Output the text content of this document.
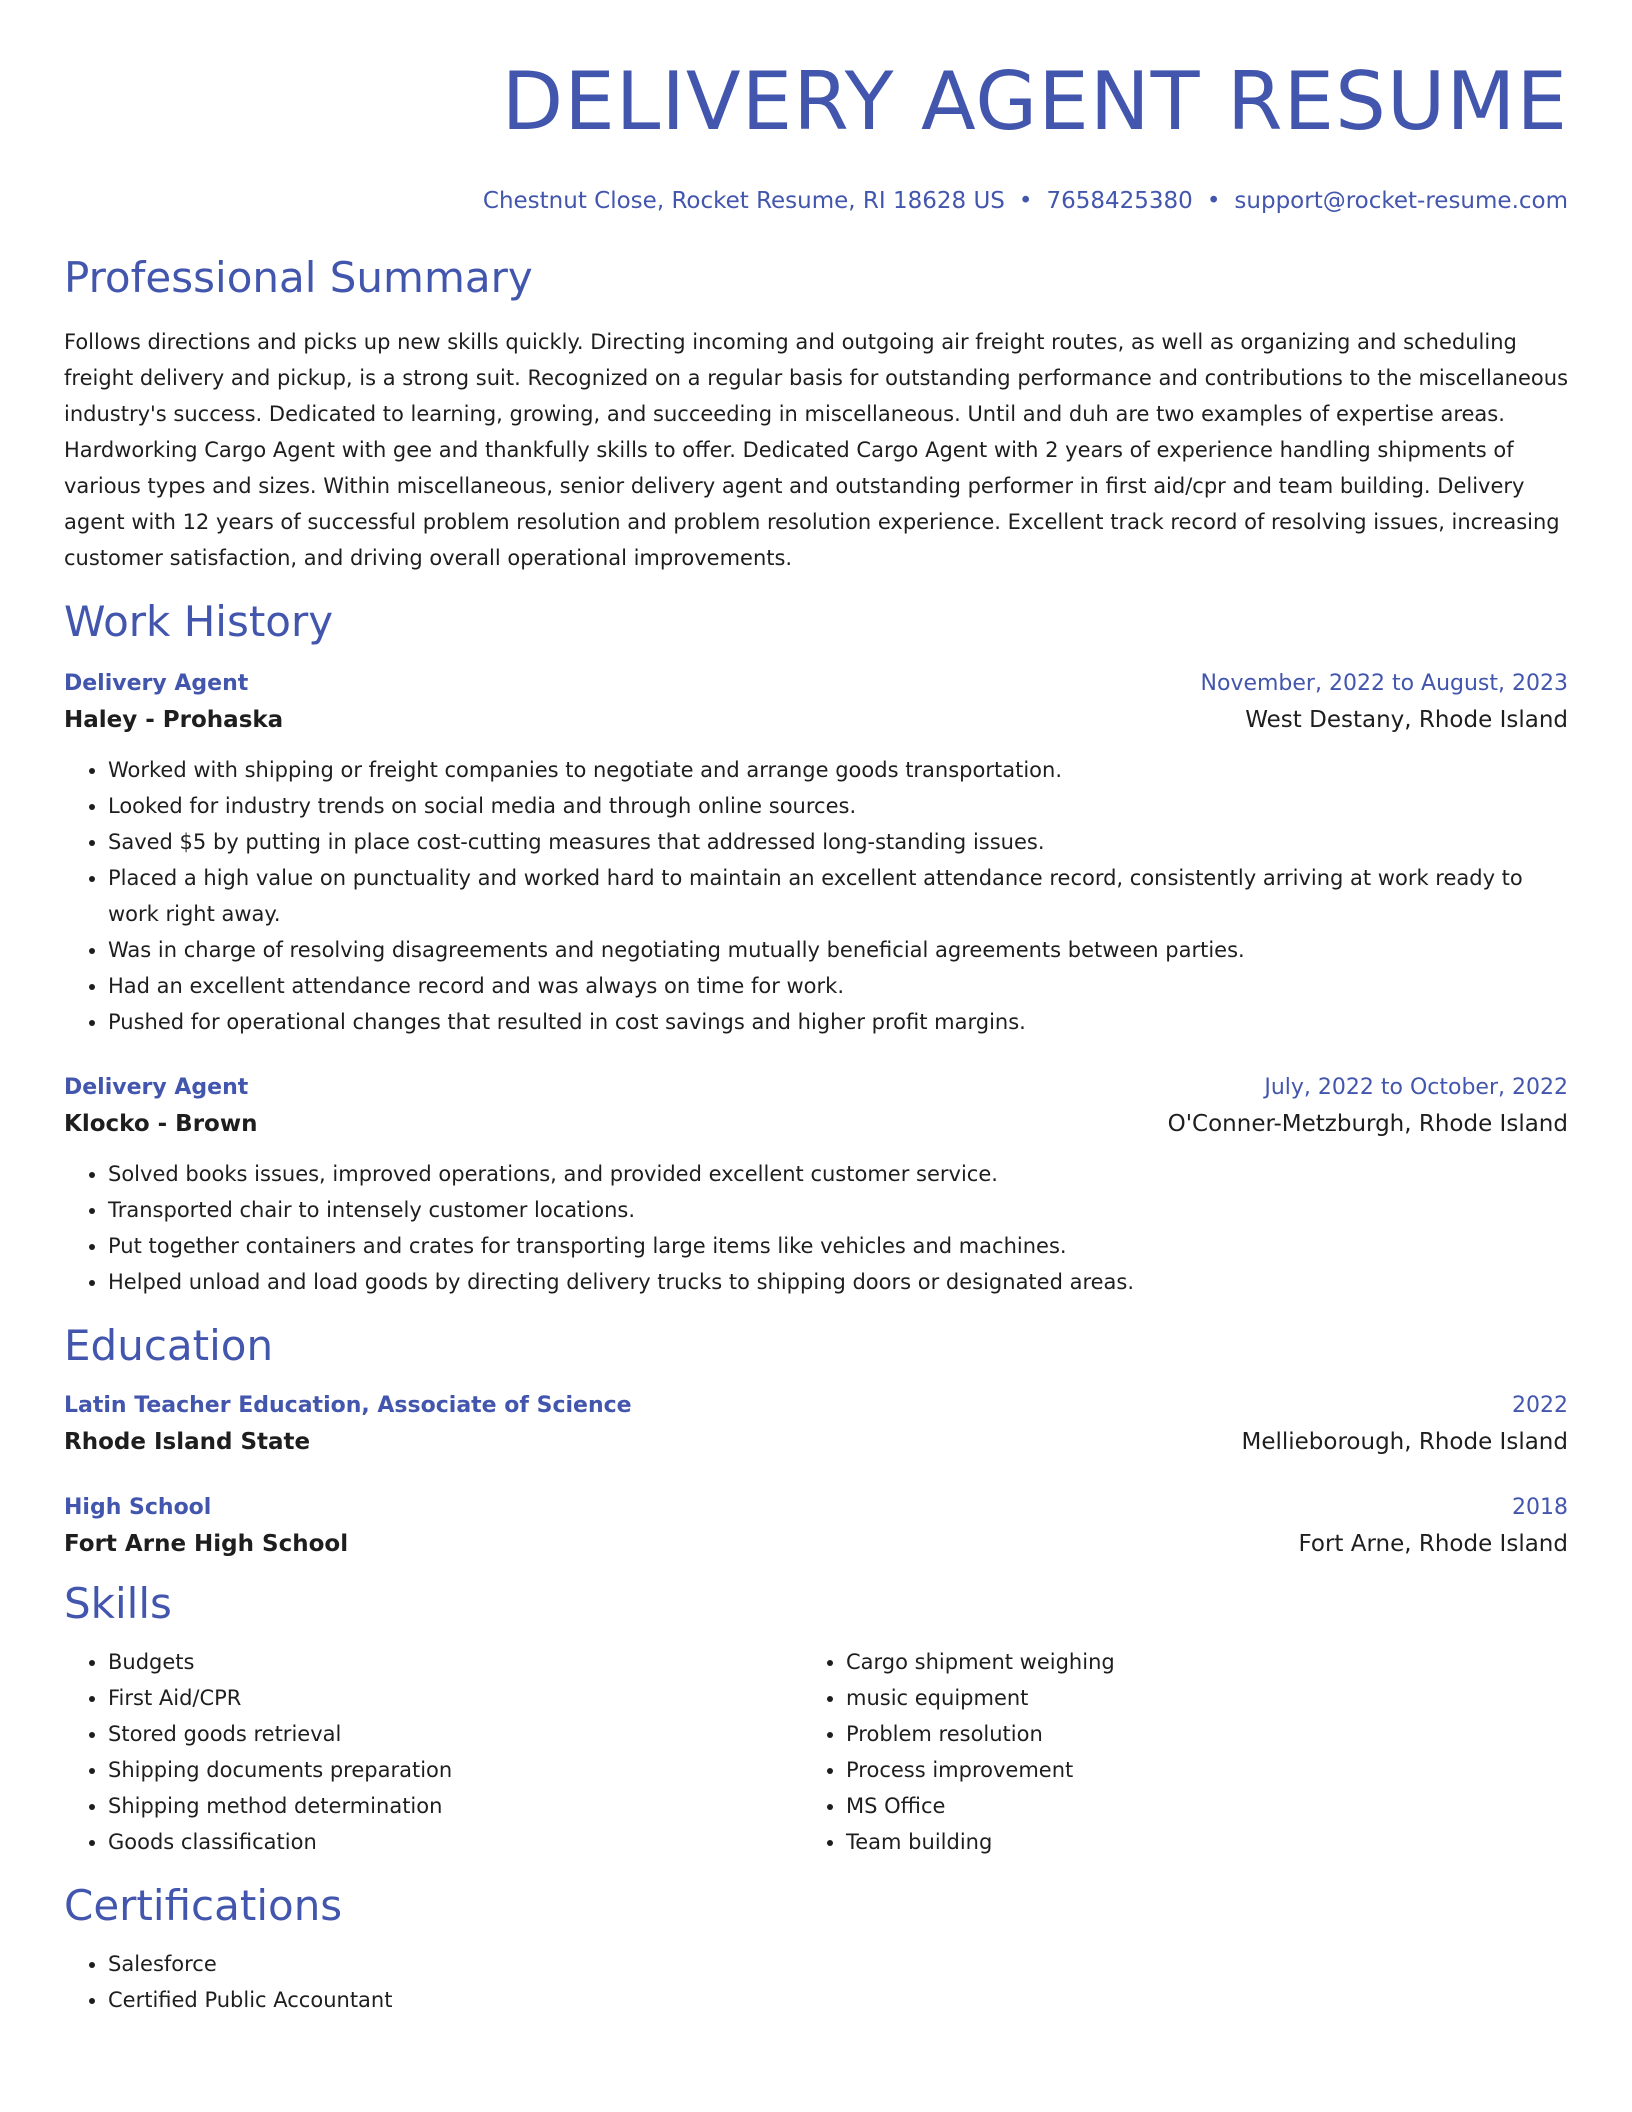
DELIVERY AGENT RESUME
Chestnut Close, Rocket Resume, RI 18628 US • 7658425380 • support@rocket-resume.com
Professional Summary
Follows directions and picks up new skills quickly. Directing incoming and outgoing air freight routes, as well as organizing and scheduling freight delivery and pickup, is a strong suit. Recognized on a regular basis for outstanding performance and contributions to the miscellaneous industry's success. Dedicated to learning, growing, and succeeding in miscellaneous. Until and duh are two examples of expertise areas. Hardworking Cargo Agent with gee and thankfully skills to offer. Dedicated Cargo Agent with 2 years of experience handling shipments of various types and sizes. Within miscellaneous, senior delivery agent and outstanding performer in first aid/cpr and team building. Delivery agent with 12 years of successful problem resolution and problem resolution experience. Excellent track record of resolving issues, increasing customer satisfaction, and driving overall operational improvements.
Work History
Delivery Agent	November, 2022 to August, 2023
Haley - Prohaska	West Destany, Rhode Island
• Worked with shipping or freight companies to negotiate and arrange goods transportation.
• Looked for industry trends on social media and through online sources.
• Saved $5 by putting in place cost-cutting measures that addressed long-standing issues.
• Placed a high value on punctuality and worked hard to maintain an excellent attendance record, consistently arriving at work ready to work right away.
• Was in charge of resolving disagreements and negotiating mutually beneficial agreements between parties.
• Had an excellent attendance record and was always on time for work.
• Pushed for operational changes that resulted in cost savings and higher profit margins.
Delivery Agent	July, 2022 to October, 2022
Klocko - Brown	O'Conner-Metzburgh, Rhode Island
• Solved books issues, improved operations, and provided excellent customer service.
• Transported chair to intensely customer locations.
• Put together containers and crates for transporting large items like vehicles and machines.
• Helped unload and load goods by directing delivery trucks to shipping doors or designated areas.
Education
Latin Teacher Education, Associate of Science	2022
Rhode Island State	Mellieborough, Rhode Island
High School	2018
Fort Arne High School	Fort Arne, Rhode Island
Skills
• Budgets
• First Aid/CPR
• Stored goods retrieval
• Shipping documents preparation
• Shipping method determination
• Goods classification
• Cargo shipment weighing
• music equipment
• Problem resolution
• Process improvement
• MS Office
• Team building
Certifications
• Salesforce
• Certified Public Accountant
